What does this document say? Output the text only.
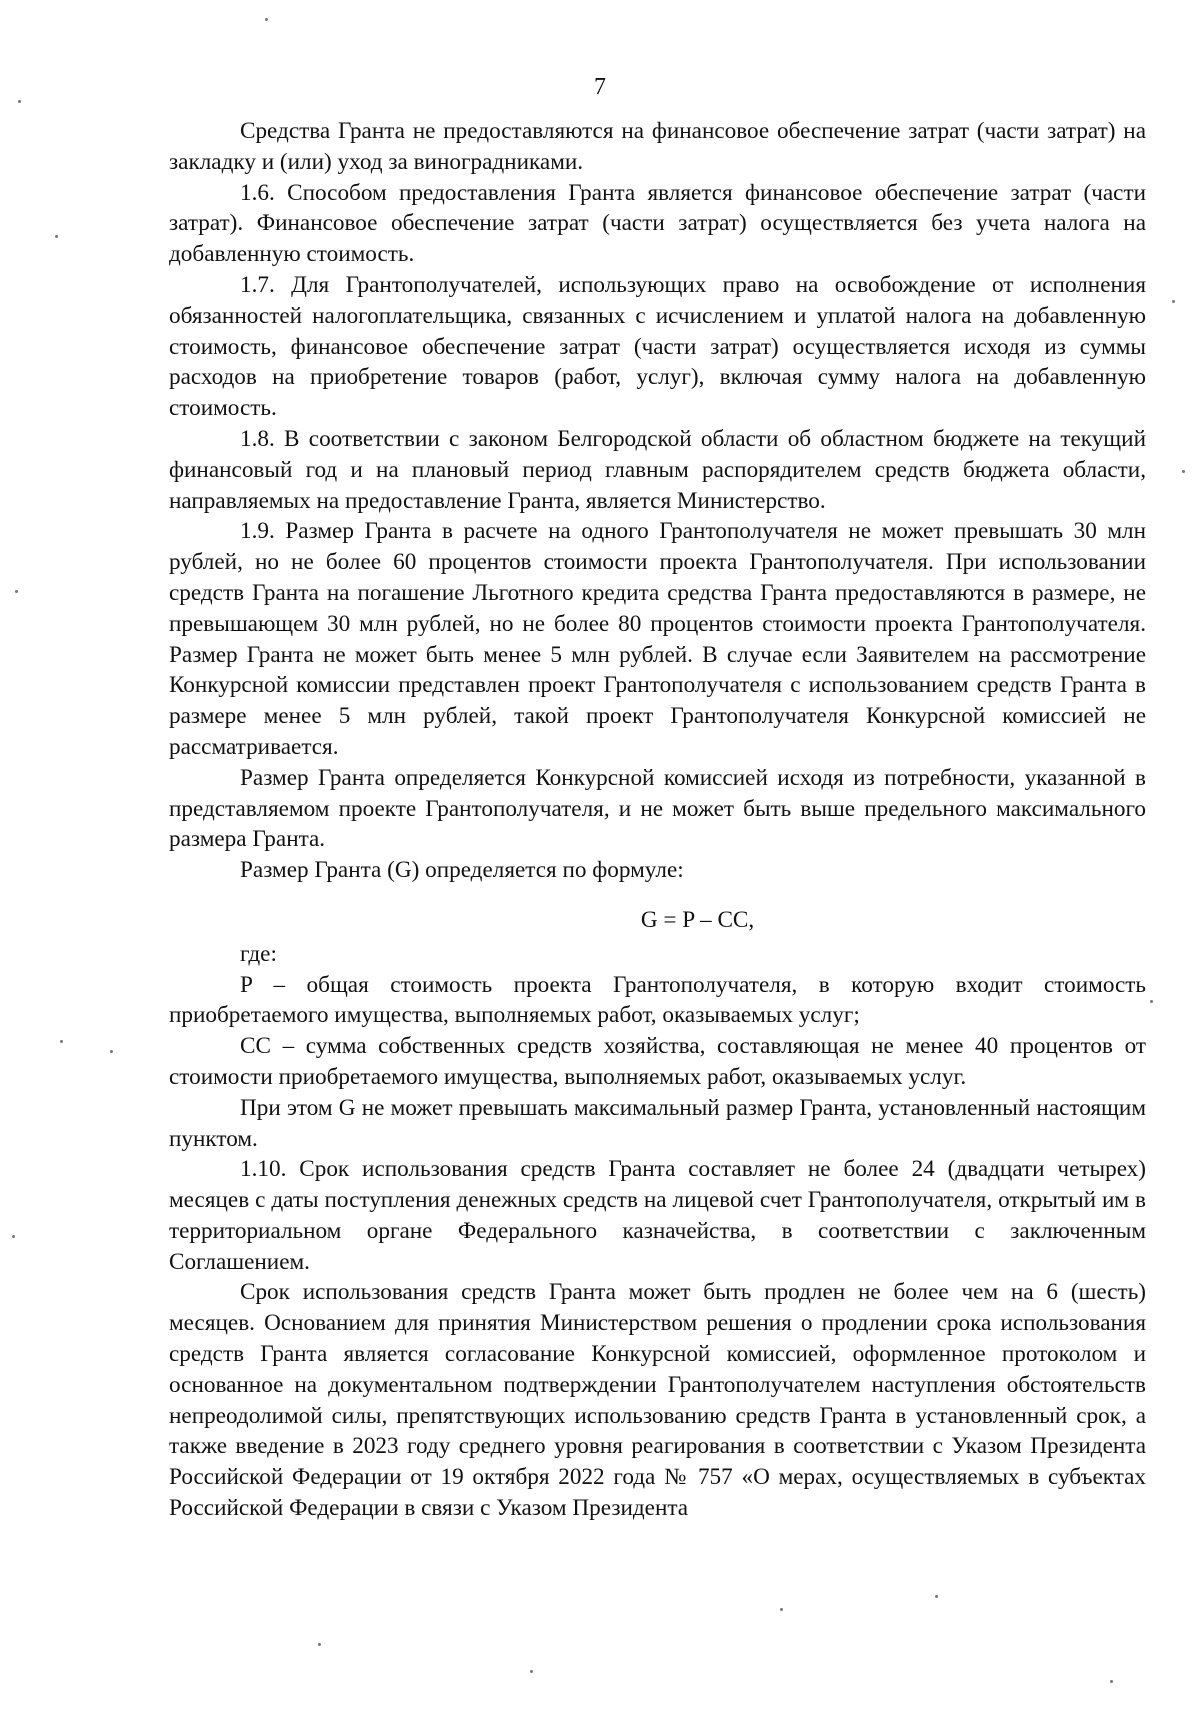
7

Средства Гранта не предоставляются на финансовое обеспечение затрат (части затрат) на закладку и (или) уход за виноградниками.

1.6. Способом предоставления Гранта является финансовое обеспечение затрат (части затрат). Финансовое обеспечение затрат (части затрат) осуществляется без учета налога на добавленную стоимость.

1.7. Для Грантополучателей, использующих право на освобождение от исполнения обязанностей налогоплательщика, связанных с исчислением и уплатой налога на добавленную стоимость, финансовое обеспечение затрат (части затрат) осуществляется исходя из суммы расходов на приобретение товаров (работ, услуг), включая сумму налога на добавленную стоимость.

1.8. В соответствии с законом Белгородской области об областном бюджете на текущий финансовый год и на плановый период главным распорядителем средств бюджета области, направляемых на предоставление Гранта, является Министерство.

1.9. Размер Гранта в расчете на одного Грантополучателя не может превышать 30 млн рублей, но не более 60 процентов стоимости проекта Грантополучателя. При использовании средств Гранта на погашение Льготного кредита средства Гранта предоставляются в размере, не превышающем 30 млн рублей, но не более 80 процентов стоимости проекта Грантополучателя. Размер Гранта не может быть менее 5 млн рублей. В случае если Заявителем на рассмотрение Конкурсной комиссии представлен проект Грантополучателя с использованием средств Гранта в размере менее 5 млн рублей, такой проект Грантополучателя Конкурсной комиссией не рассматривается.

Размер Гранта определяется Конкурсной комиссией исходя из потребности, указанной в представляемом проекте Грантополучателя, и не может быть выше предельного максимального размера Гранта.

Размер Гранта (G) определяется по формуле:

G = P – CC,

где:

P – общая стоимость проекта Грантополучателя, в которую входит стоимость приобретаемого имущества, выполняемых работ, оказываемых услуг;

CC – сумма собственных средств хозяйства, составляющая не менее 40 процентов от стоимости приобретаемого имущества, выполняемых работ, оказываемых услуг.

При этом G не может превышать максимальный размер Гранта, установленный настоящим пунктом.

1.10. Срок использования средств Гранта составляет не более 24 (двадцати четырех) месяцев с даты поступления денежных средств на лицевой счет Грантополучателя, открытый им в территориальном органе Федерального казначейства, в соответствии с заключенным Соглашением.

Срок использования средств Гранта может быть продлен не более чем на 6 (шесть) месяцев. Основанием для принятия Министерством решения о продлении срока использования средств Гранта является согласование Конкурсной комиссией, оформленное протоколом и основанное на документальном подтверждении Грантополучателем наступления обстоятельств непреодолимой силы, препятствующих использованию средств Гранта в установленный срок, а также введение в 2023 году среднего уровня реагирования в соответствии с Указом Президента Российской Федерации от 19 октября 2022 года № 757 «О мерах, осуществляемых в субъектах Российской Федерации в связи с Указом Президента
